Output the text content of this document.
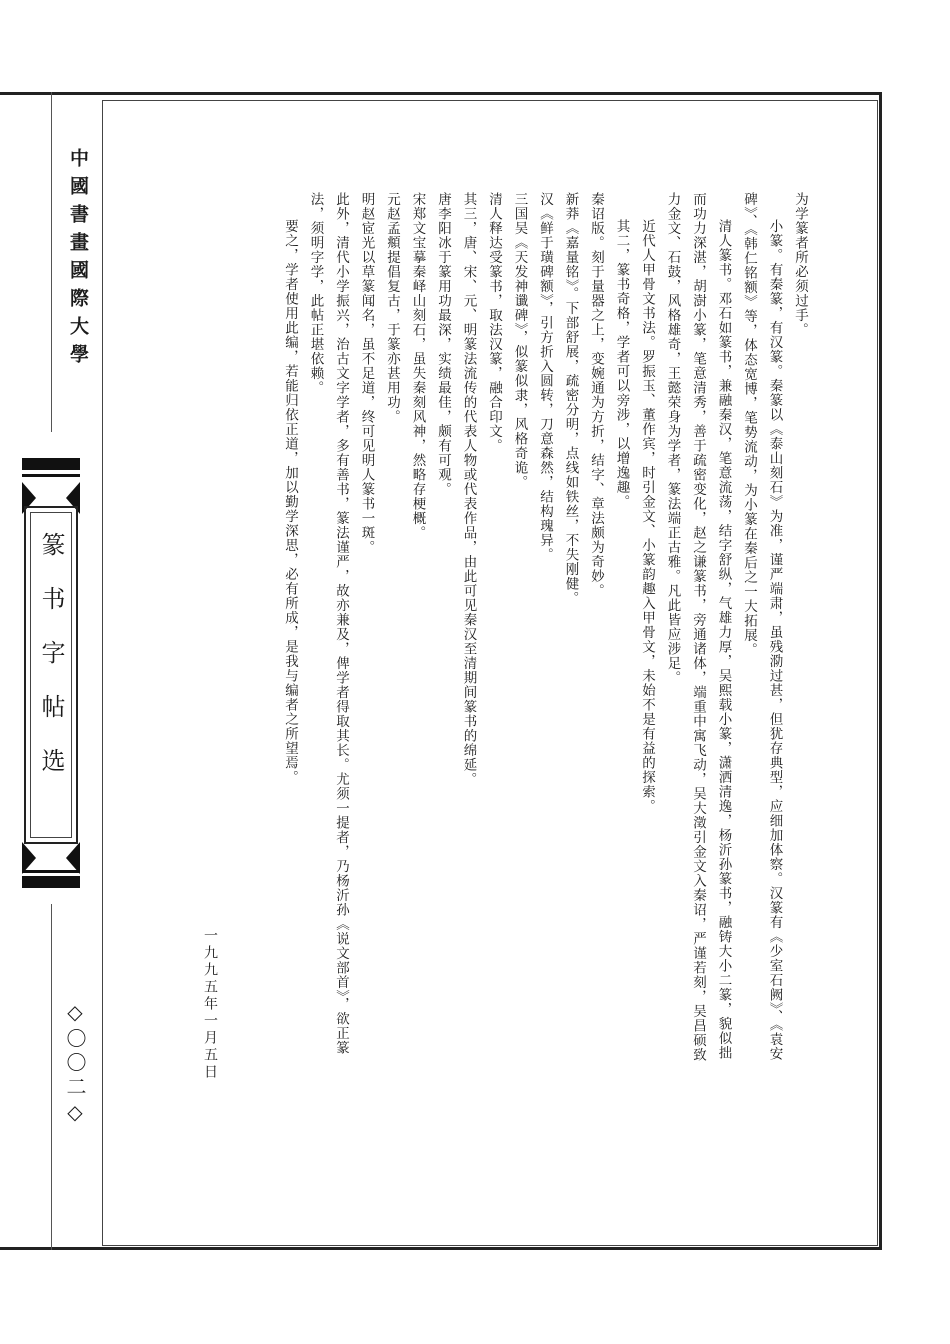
中國書畫國際大學
篆书字帖选
◇〇〇二◇

为学篆者所必须过手。

小篆。有秦篆，有汉篆。秦篆以《泰山刻石》为准，谨严端肃，虽残泐过甚，但犹存典型，应细加体察。汉篆有《少室石阙》、《袁安碑》、《韩仁铭额》等，体态宽博，笔势流动，为小篆在秦后之一大拓展。

清人篆书。邓石如篆书，兼融秦汉，笔意流荡，结字舒纵，气雄力厚，吴熙载小篆，潇洒清逸，杨沂孙篆书，融铸大小二篆，貌似拙而功力深湛，胡澍小篆，笔意清秀，善于疏密变化，赵之谦篆书，旁通诸体，端重中寓飞动，吴大澂引金文入秦诏，严谨若刻，吴昌硕致力金文、石鼓，风格雄奇，王懿荣身为学者，篆法端正古雅。凡此皆应涉足。

近代人甲骨文书法。罗振玉、董作宾，时引金文、小篆韵趣入甲骨文，未始不是有益的探索。

其二，篆书奇格，学者可以旁涉，以增逸趣。

秦诏版。刻于量器之上，变婉通为方折，结字、章法颇为奇妙。

新莽《嘉量铭》。下部舒展，疏密分明，点线如铁丝，不失刚健。

汉《鲜于璜碑额》，引方折入圆转，刀意森然，结构瑰异。

三国吴《天发神谶碑》，似篆似隶，风格奇诡。

清人释达受篆书，取法汉篆，融合印文。

其三，唐、宋、元、明篆法流传的代表人物或代表作品，由此可见秦汉至清期间篆书的绵延。

唐李阳冰于篆用功最深，实绩最佳，颇有可观。

宋郑文宝摹秦峄山刻石，虽失秦刻风神，然略存梗概。

元赵孟頫提倡复古，于篆亦甚用功。

明赵宧光以草篆闻名，虽不足道，终可见明人篆书一斑。

此外，清代小学振兴，治古文字学者，多有善书，篆法谨严，故亦兼及，俾学者得取其长。尤须一提者，乃杨沂孙《说文部首》，欲正篆法，须明字学，此帖正堪依赖。

要之，学者使用此编，若能归依正道，加以勤学深思，必有所成，是我与编者之所望焉。

一九九五年一月五日
